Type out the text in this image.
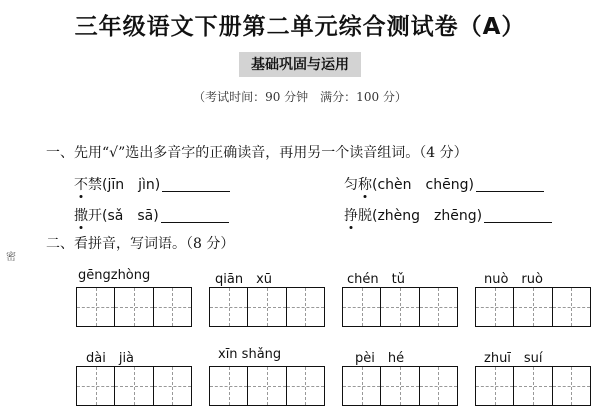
三年级语文下册第二单元综合测试卷（A）
基础巩固与运用
（考试时间：90 分钟　满分：100 分）
密
一、先用“√”选出多音字的正确读音，再用另一个读音组词。（4 分）
不禁(jīn　jìn)	匀称(chèn　chēng)
撒开(sǎ　sā)	挣脱(zhèng　zhēng)
二、看拼音，写词语。（8 分）
gēngzhòng	qiān　xū	chén　tǔ	nuò　ruò
dài　jià	xīn shǎng	pèi　hé	zhuī　suí
